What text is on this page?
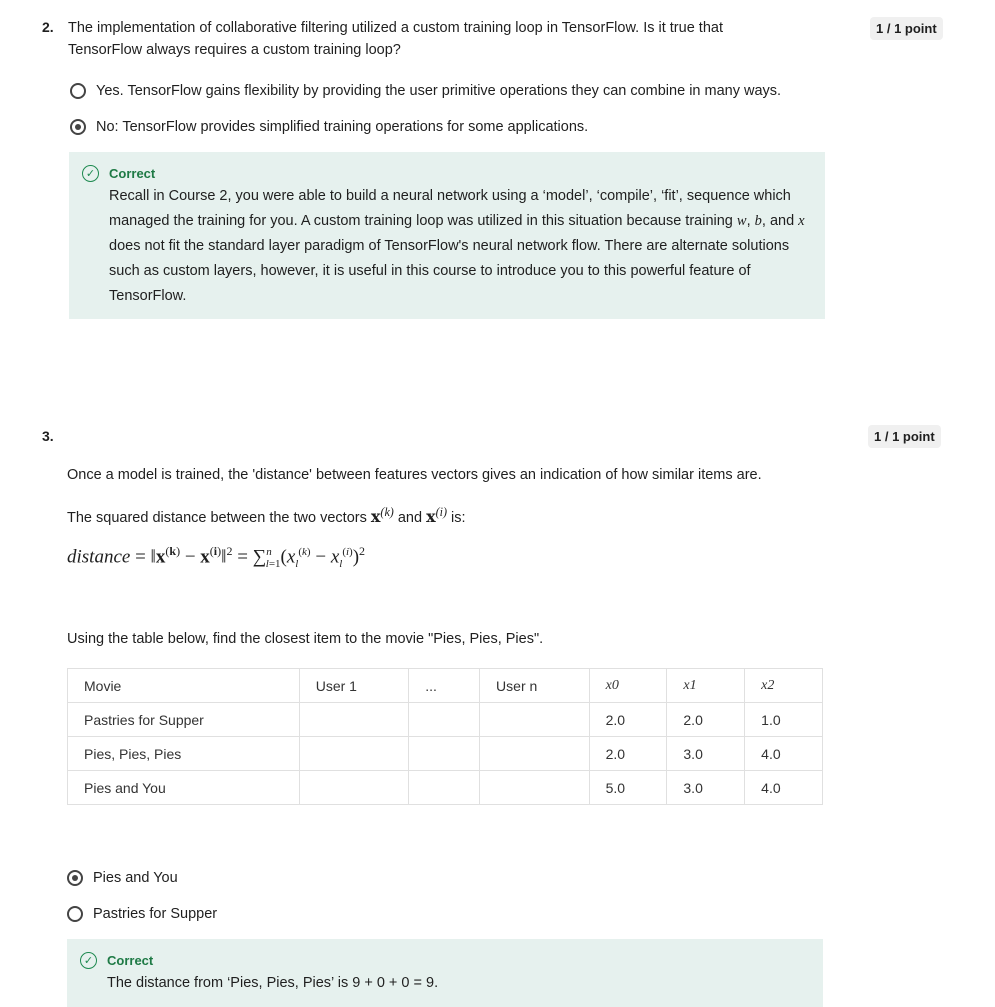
2. The implementation of collaborative filtering utilized a custom training loop in TensorFlow. Is it true that TensorFlow always requires a custom training loop?
1 / 1 point
Yes. TensorFlow gains flexibility by providing the user primitive operations they can combine in many ways.
No: TensorFlow provides simplified training operations for some applications.
✓ Correct
Recall in Course 2, you were able to build a neural network using a ‘model’, ‘compile’, ‘fit’, sequence which managed the training for you. A custom training loop was utilized in this situation because training w, b, and x does not fit the standard layer paradigm of TensorFlow's neural network flow. There are alternate solutions such as custom layers, however, it is useful in this course to introduce you to this powerful feature of TensorFlow.
3.	1 / 1 point
Once a model is trained, the 'distance' between features vectors gives an indication of how similar items are.
The squared distance between the two vectors $x^{(k)}$ and $x^{(i)}$ is:
distance = $‖x^{(k)}$ − $x^{(i)}‖^2 = \sum^n_{l=1}(x_l^{(k)} - x_l^{(i)})^2$
Using the table below, find the closest item to the movie "Pies, Pies, Pies".
Movie	User 1	...	User n	x0	x1	x2
Pastries for Supper				2.0	2.0	1.0
Pies, Pies, Pies				2.0	3.0	4.0
Pies and You				5.0	3.0	4.0
Pies and You
Pastries for Supper
✓ Correct
The distance from ‘Pies, Pies, Pies’ is 9 + 0 + 0 = 9.
